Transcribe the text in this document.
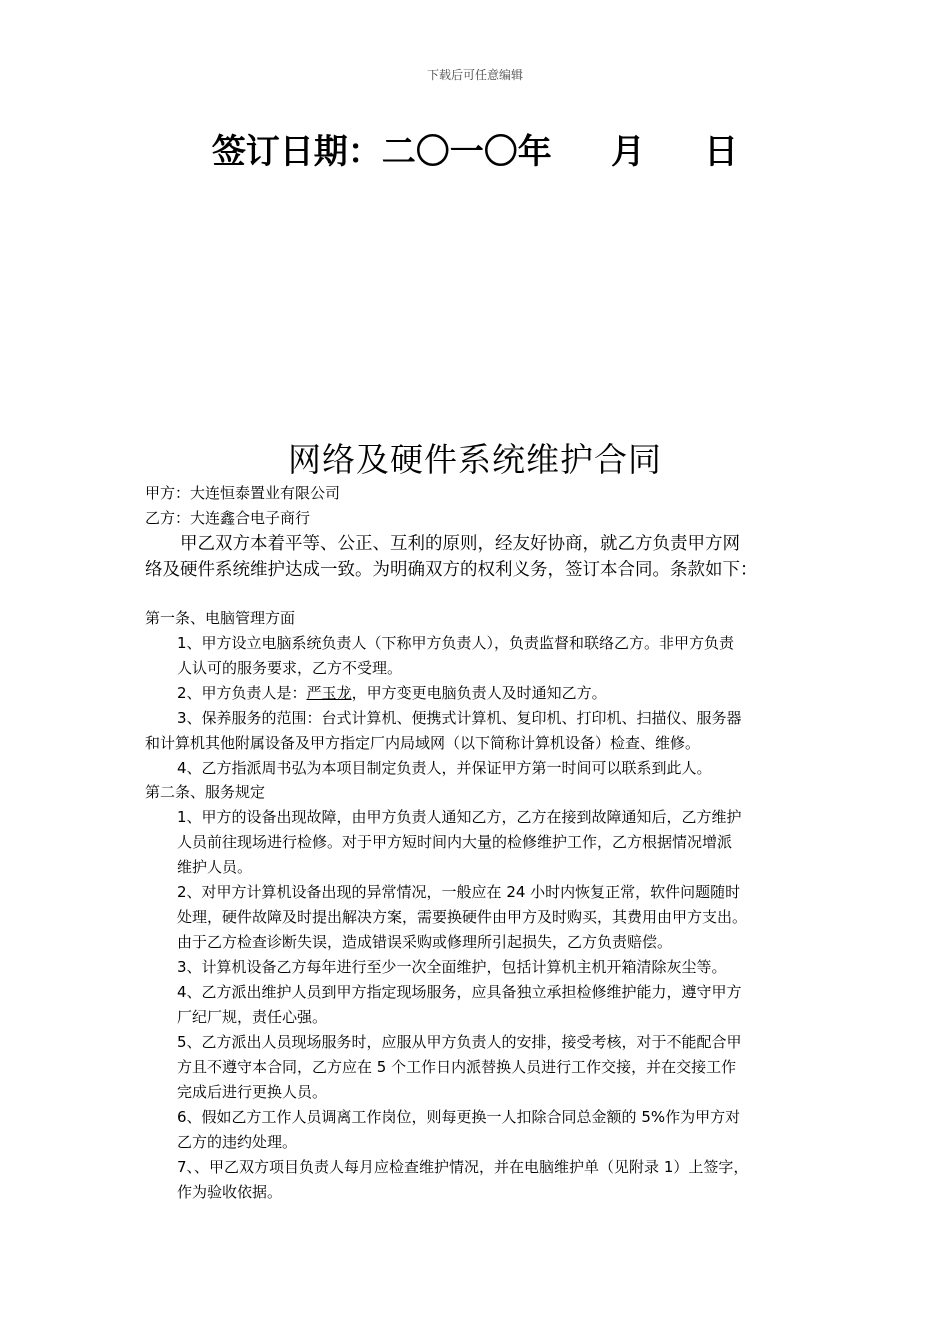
下载后可任意编辑
签订日期：二〇一〇年     月     日
网络及硬件系统维护合同
甲方：大连恒泰置业有限公司
乙方：大连鑫合电子商行
　　甲乙双方本着平等、公正、互利的原则，经友好协商，就乙方负责甲方网
络及硬件系统维护达成一致。为明确双方的权利义务，签订本合同。条款如下：
第一条、电脑管理方面
1、甲方设立电脑系统负责人（下称甲方负责人），负责监督和联络乙方。非甲方负责
人认可的服务要求，乙方不受理。
2、甲方负责人是：严玉龙，甲方变更电脑负责人及时通知乙方。
3、保养服务的范围：台式计算机、便携式计算机、复印机、打印机、扫描仪、服务器
和计算机其他附属设备及甲方指定厂内局域网（以下简称计算机设备）检查、维修。
4、乙方指派周书弘为本项目制定负责人，并保证甲方第一时间可以联系到此人。
第二条、服务规定
1、甲方的设备出现故障，由甲方负责人通知乙方，乙方在接到故障通知后，乙方维护
人员前往现场进行检修。对于甲方短时间内大量的检修维护工作，乙方根据情况增派
维护人员。
2、对甲方计算机设备出现的异常情况，一般应在 24 小时内恢复正常，软件问题随时
处理，硬件故障及时提出解决方案，需要换硬件由甲方及时购买，其费用由甲方支出。
由于乙方检查诊断失误，造成错误采购或修理所引起损失，乙方负责赔偿。
3、计算机设备乙方每年进行至少一次全面维护，包括计算机主机开箱清除灰尘等。
4、乙方派出维护人员到甲方指定现场服务，应具备独立承担检修维护能力，遵守甲方
厂纪厂规，责任心强。
5、乙方派出人员现场服务时，应服从甲方负责人的安排，接受考核，对于不能配合甲
方且不遵守本合同，乙方应在 5 个工作日内派替换人员进行工作交接，并在交接工作
完成后进行更换人员。
6、假如乙方工作人员调离工作岗位，则每更换一人扣除合同总金额的 5%作为甲方对
乙方的违约处理。
7、、甲乙双方项目负责人每月应检查维护情况，并在电脑维护单（见附录 1）上签字，
作为验收依据。
